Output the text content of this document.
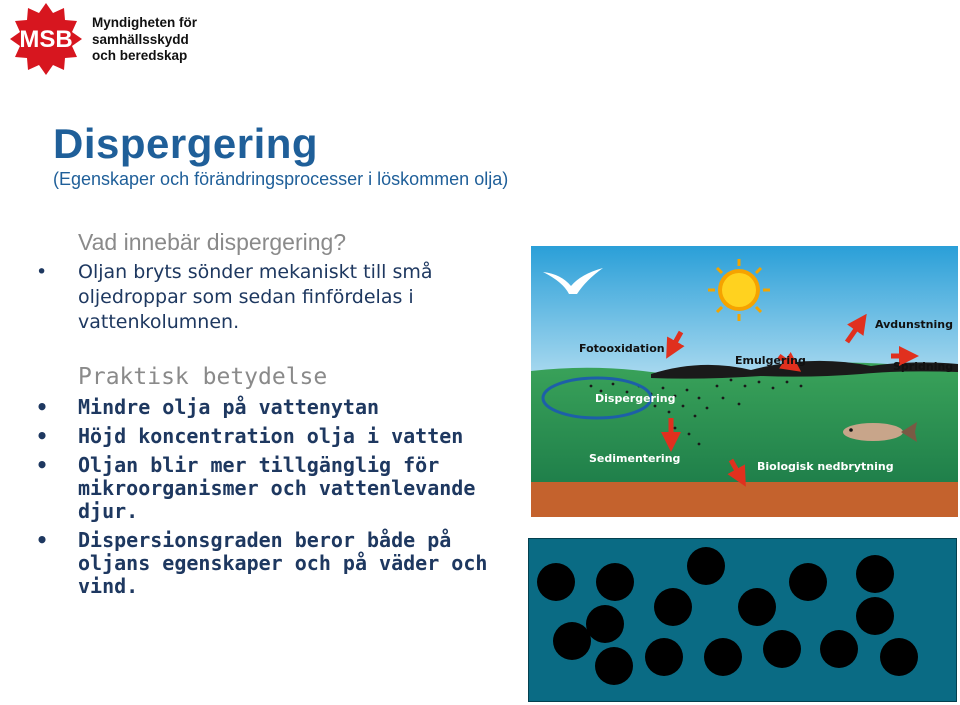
MSB
Myndigheten för
samhällsskydd
och beredskap
Dispergering
(Egenskaper och förändringsprocesser i löskommen olja)
Vad innebär dispergering?
• Oljan bryts sönder mekaniskt till små oljedroppar som sedan finfördelas i vattenkolumnen.
Praktisk betydelse
• Mindre olja på vattenytan
• Höjd koncentration olja i vatten
• Oljan blir mer tillgänglig för mikroorganismer och vattenlevande djur.
• Dispersionsgraden beror både på oljans egenskaper och på väder och vind.
Fotooxidation
Avdunstning
Emulgering	Spridning
Dispergering
Sedimentering
Biologisk nedbrytning
